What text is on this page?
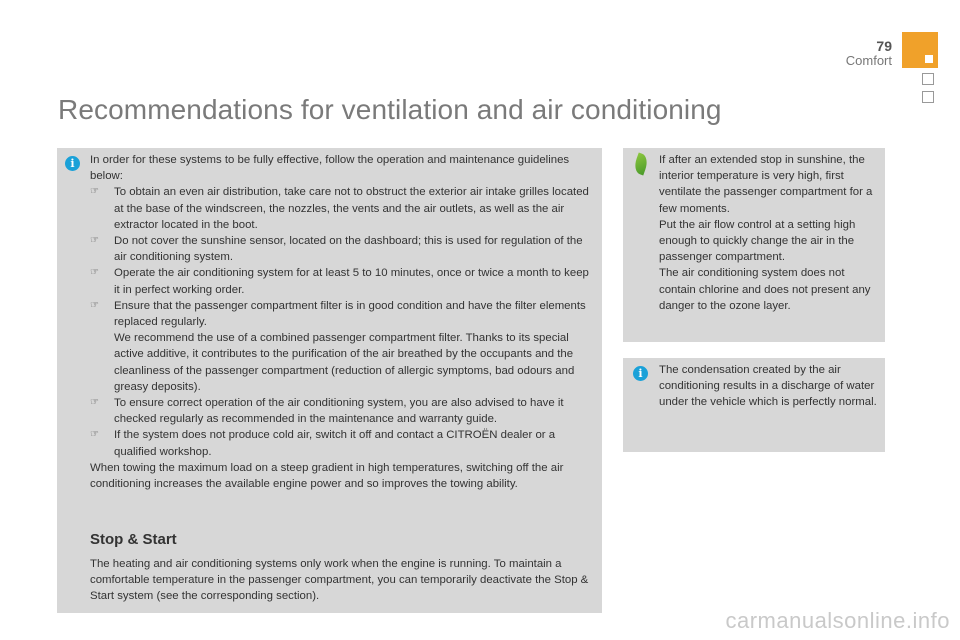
79
Comfort
Recommendations for ventilation and air conditioning
i	In order for these systems to be fully effective, follow the operation and maintenance guidelines below:

☞ To obtain an even air distribution, take care not to obstruct the exterior air intake grilles located at the base of the windscreen, the nozzles, the vents and the air outlets, as well as the air extractor located in the boot.
☞ Do not cover the sunshine sensor, located on the dashboard; this is used for regulation of the air conditioning system.
☞ Operate the air conditioning system for at least 5 to 10 minutes, once or twice a month to keep it in perfect working order.
☞ Ensure that the passenger compartment filter is in good condition and have the filter elements replaced regularly.
We recommend the use of a combined passenger compartment filter. Thanks to its special active additive, it contributes to the purification of the air breathed by the occupants and the cleanliness of the passenger compartment (reduction of allergic symptoms, bad odours and greasy deposits).
☞ To ensure correct operation of the air conditioning system, you are also advised to have it checked regularly as recommended in the maintenance and warranty guide.
☞ If the system does not produce cold air, switch it off and contact a CITROËN dealer or a qualified workshop.

When towing the maximum load on a steep gradient in high temperatures, switching off the air conditioning increases the available engine power and so improves the towing ability.

Stop & Start

The heating and air conditioning systems only work when the engine is running. To maintain a comfortable temperature in the passenger compartment, you can temporarily deactivate the Stop & Start system (see the corresponding section).

If after an extended stop in sunshine, the interior temperature is very high, first ventilate the passenger compartment for a few moments.
Put the air flow control at a setting high enough to quickly change the air in the passenger compartment.
The air conditioning system does not contain chlorine and does not present any danger to the ozone layer.
i	The condensation created by the air conditioning results in a discharge of water under the vehicle which is perfectly normal.
carmanualsonline.info
